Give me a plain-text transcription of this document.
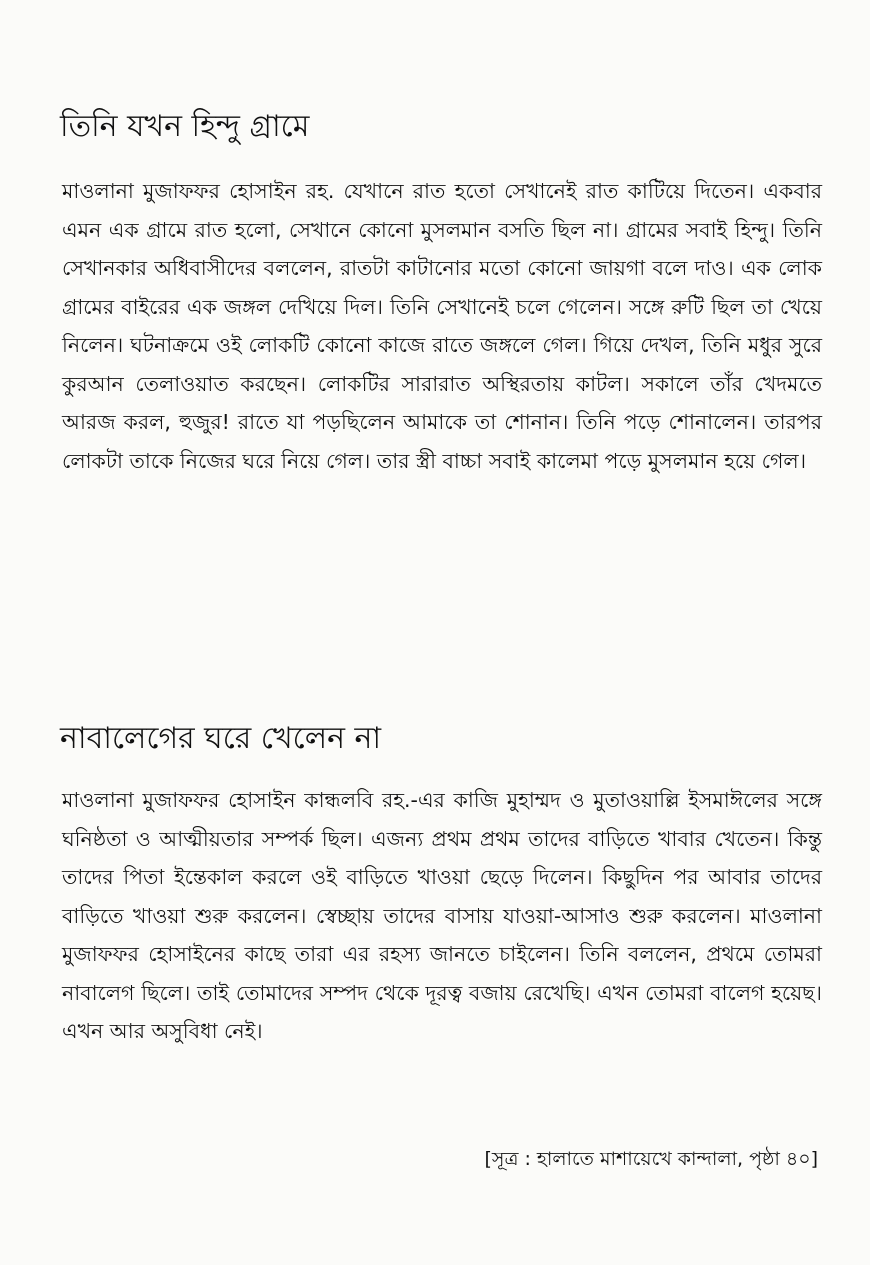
তিনি যখন হিন্দু গ্রামে

মাওলানা মুজাফফর হোসাইন রহ. যেখানে রাত হতো সেখানেই রাত কাটিয়ে দিতেন। একবার এমন এক গ্রামে রাত হলো, সেখানে কোনো মুসলমান বসতি ছিল না। গ্রামের সবাই হিন্দু। তিনি সেখানকার অধিবাসীদের বললেন, রাতটা কাটানোর মতো কোনো জায়গা বলে দাও। এক লোক গ্রামের বাইরের এক জঙ্গল দেখিয়ে দিল। তিনি সেখানেই চলে গেলেন। সঙ্গে রুটি ছিল তা খেয়ে নিলেন। ঘটনাক্রমে ওই লোকটি কোনো কাজে রাতে জঙ্গলে গেল। গিয়ে দেখল, তিনি মধুর সুরে কুরআন তেলাওয়াত করছেন। লোকটির সারারাত অস্থিরতায় কাটল। সকালে তাঁর খেদমতে আরজ করল, হুজুর! রাতে যা পড়ছিলেন আমাকে তা শোনান। তিনি পড়ে শোনালেন। তারপর লোকটা তাকে নিজের ঘরে নিয়ে গেল। তার স্ত্রী বাচ্চা সবাই কালেমা পড়ে মুসলমান হয়ে গেল।

নাবালেগের ঘরে খেলেন না

মাওলানা মুজাফফর হোসাইন কান্ধলবি রহ.-এর কাজি মুহাম্মদ ও মুতাওয়াল্লি ইসমাঈলের সঙ্গে ঘনিষ্ঠতা ও আত্মীয়তার সম্পর্ক ছিল। এজন্য প্রথম প্রথম তাদের বাড়িতে খাবার খেতেন। কিন্তু তাদের পিতা ইন্তেকাল করলে ওই বাড়িতে খাওয়া ছেড়ে দিলেন। কিছুদিন পর আবার তাদের বাড়িতে খাওয়া শুরু করলেন। স্বেচ্ছায় তাদের বাসায় যাওয়া-আসাও শুরু করলেন। মাওলানা মুজাফফর হোসাইনের কাছে তারা এর রহস্য জানতে চাইলেন। তিনি বললেন, প্রথমে তোমরা নাবালেগ ছিলে। তাই তোমাদের সম্পদ থেকে দূরত্ব বজায় রেখেছি। এখন তোমরা বালেগ হয়েছ। এখন আর অসুবিধা নেই।

[সূত্র : হালাতে মাশায়েখে কান্দালা, পৃষ্ঠা ৪০]
